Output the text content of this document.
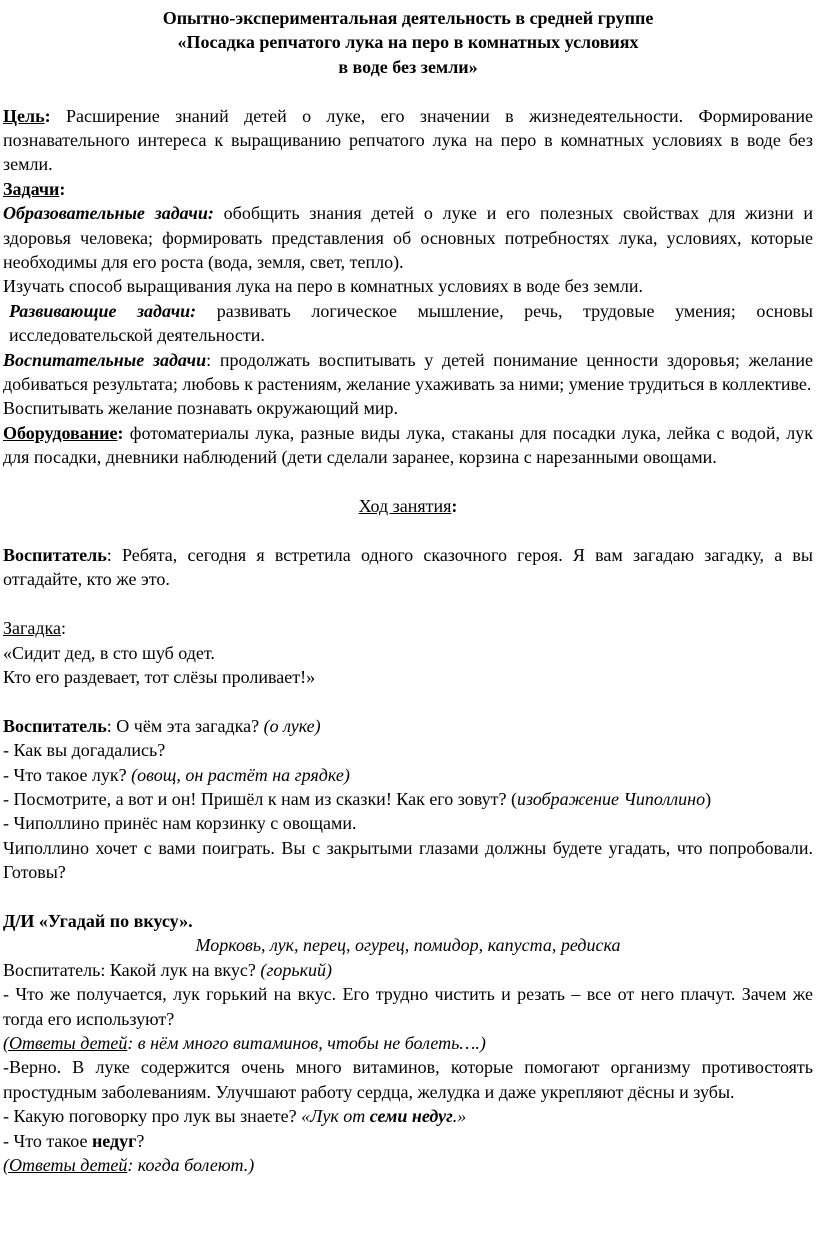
Опытно-экспериментальная деятельность в средней группе

«Посадка репчатого лука на перо в комнатных условиях

в воде без земли»

Цель: Расширение знаний детей о луке, его значении в жизнедеятельности. Формирование познавательного интереса к выращиванию репчатого лука на перо в комнатных условиях в воде без земли.

Задачи:

Образовательные задачи: обобщить знания детей о луке и его полезных свойствах для жизни и здоровья человека; формировать представления об основных потребностях лука, условиях, которые необходимы для его роста (вода, земля, свет, тепло).

Изучать способ выращивания лука на перо в комнатных условиях в воде без земли.

Развивающие задачи: развивать логическое мышление, речь, трудовые умения; основы исследовательской деятельности.

Воспитательные задачи: продолжать воспитывать у детей понимание ценности здоровья; желание добиваться результата; любовь к растениям, желание ухаживать за ними; умение трудиться в коллективе.

Воспитывать желание познавать окружающий мир.

Оборудование: фотоматериалы лука, разные виды лука, стаканы для посадки лука, лейка с водой, лук для посадки, дневники наблюдений (дети сделали заранее, корзина с нарезанными овощами.

Ход занятия:

Воспитатель: Ребята, сегодня я встретила одного сказочного героя. Я вам загадаю загадку, а вы отгадайте, кто же это.

Загадка:

«Сидит дед, в сто шуб одет.

Кто его раздевает, тот слёзы проливает!»

Воспитатель: О чём эта загадка? (о луке)

- Как вы догадались?

- Что такое лук? (овощ, он растёт на грядке)

- Посмотрите, а вот и он! Пришёл к нам из сказки! Как его зовут? (изображение Чиполлино)

- Чиполлино принёс нам корзинку с овощами.

Чиполлино хочет с вами поиграть. Вы с закрытыми глазами должны будете угадать, что попробовали. Готовы?

Д/И «Угадай по вкусу».

Морковь, лук, перец, огурец, помидор, капуста, редиска

Воспитатель: Какой лук на вкус? (горький)

- Что же получается, лук горький на вкус. Его трудно чистить и резать – все от него плачут. Зачем же тогда его используют?

(Ответы детей: в нём много витаминов, чтобы не болеть….)

-Верно. В луке содержится очень много витаминов, которые помогают организму противостоять простудным заболеваниям. Улучшают работу сердца, желудка и даже укрепляют дёсны и зубы.

- Какую поговорку про лук вы знаете? «Лук от семи недуг.»

- Что такое недуг?

(Ответы детей: когда болеют.)
